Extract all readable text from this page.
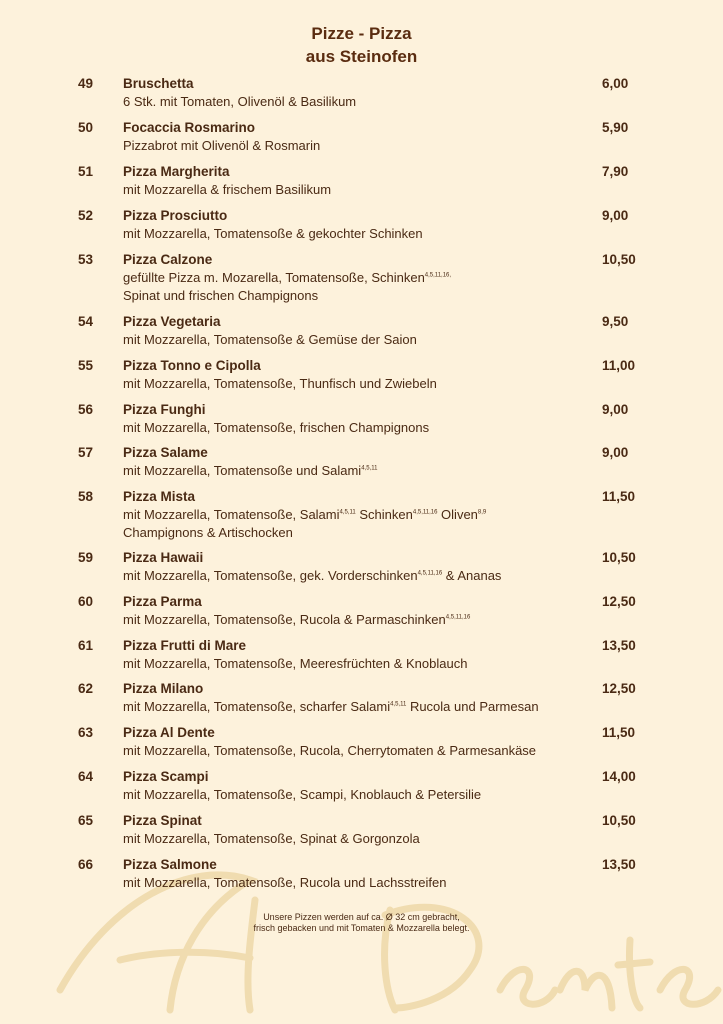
Pizze - Pizza
aus Steinofen
49 Bruschetta
6 Stk. mit Tomaten, Olivenöl & Basilikum
6,00
50 Focaccia Rosmarino
Pizzabrot mit Olivenöl & Rosmarin
5,90
51 Pizza Margherita
mit Mozzarella & frischem Basilikum
7,90
52 Pizza Prosciutto
mit Mozzarella, Tomatensoße & gekochter Schinken
9,00
53 Pizza Calzone
gefüllte Pizza m. Mozarella, Tomatensoße, Schinken$^{4,5,11,16,}$
Spinat und frischen Champignons
10,50
54 Pizza Vegetaria
mit Mozzarella, Tomatensoße & Gemüse der Saion
9,50
55 Pizza Tonno e Cipolla
mit Mozzarella, Tomatensoße, Thunfisch und Zwiebeln
11,00
56 Pizza Funghi
mit Mozzarella, Tomatensoße, frischen Champignons
9,00
57 Pizza Salame
mit Mozzarella, Tomatensoße und Salami$^{4,5,11}$
9,00
58 Pizza Mista
mit Mozzarella, Tomatensoße, Salami$^{4,5,11}$ Schinken$^{4,5,11,16}$ Oliven$^{8,9}$
Champignons & Artischocken
11,50
59 Pizza Hawaii
mit Mozzarella, Tomatensoße, gek. Vorderschinken$^{4,5,11,16}$ & Ananas
10,50
60 Pizza Parma
mit Mozzarella, Tomatensoße, Rucola & Parmaschinken$^{4,5,11,16}$
12,50
61 Pizza Frutti di Mare
mit Mozzarella, Tomatensoße, Meeresfrüchten & Knoblauch
13,50
62 Pizza Milano
mit Mozzarella, Tomatensoße, scharfer Salami$^{4,5,11}$ Rucola und Parmesan
12,50
63 Pizza Al Dente
mit Mozzarella, Tomatensoße, Rucola, Cherrytomaten & Parmesankäse
11,50
64 Pizza Scampi
mit Mozzarella, Tomatensoße, Scampi, Knoblauch & Petersilie
14,00
65 Pizza Spinat
mit Mozzarella, Tomatensoße, Spinat & Gorgonzola
10,50
66 Pizza Salmone
mit Mozzarella, Tomatensoße, Rucola und Lachsstreifen
13,50
Unsere Pizzen werden auf ca. Ø 32 cm gebracht,
frisch gebacken und mit Tomaten & Mozzarella belegt.
